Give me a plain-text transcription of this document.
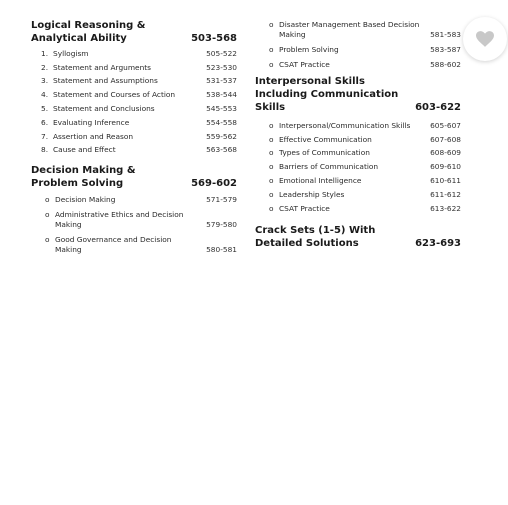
Logical Reasoning & Analytical Ability	503-568
1. Syllogism	505-522
2. Statement and Arguments	523-530
3. Statement and Assumptions	531-537
4. Statement and Courses of Action	538-544
5. Statement and Conclusions	545-553
6. Evaluating Inference	554-558
7. Assertion and Reason	559-562
8. Cause and Effect	563-568
Decision Making & Problem Solving	569-602
o Decision Making	571-579
o Administrative Ethics and Decision Making	579-580
o Good Governance and Decision Making	580-581
o Disaster Management Based Decision Making	581-583
o Problem Solving	583-587
o CSAT Practice	588-602
Interpersonal Skills Including Communication Skills	603-622
o Interpersonal/Communication Skills	605-607
o Effective Communication	607-608
o Types of Communication	608-609
o Barriers of Communication	609-610
o Emotional Intelligence	610-611
o Leadership Styles	611-612
o CSAT Practice	613-622
Crack Sets (1-5) With Detailed Solutions	623-693
